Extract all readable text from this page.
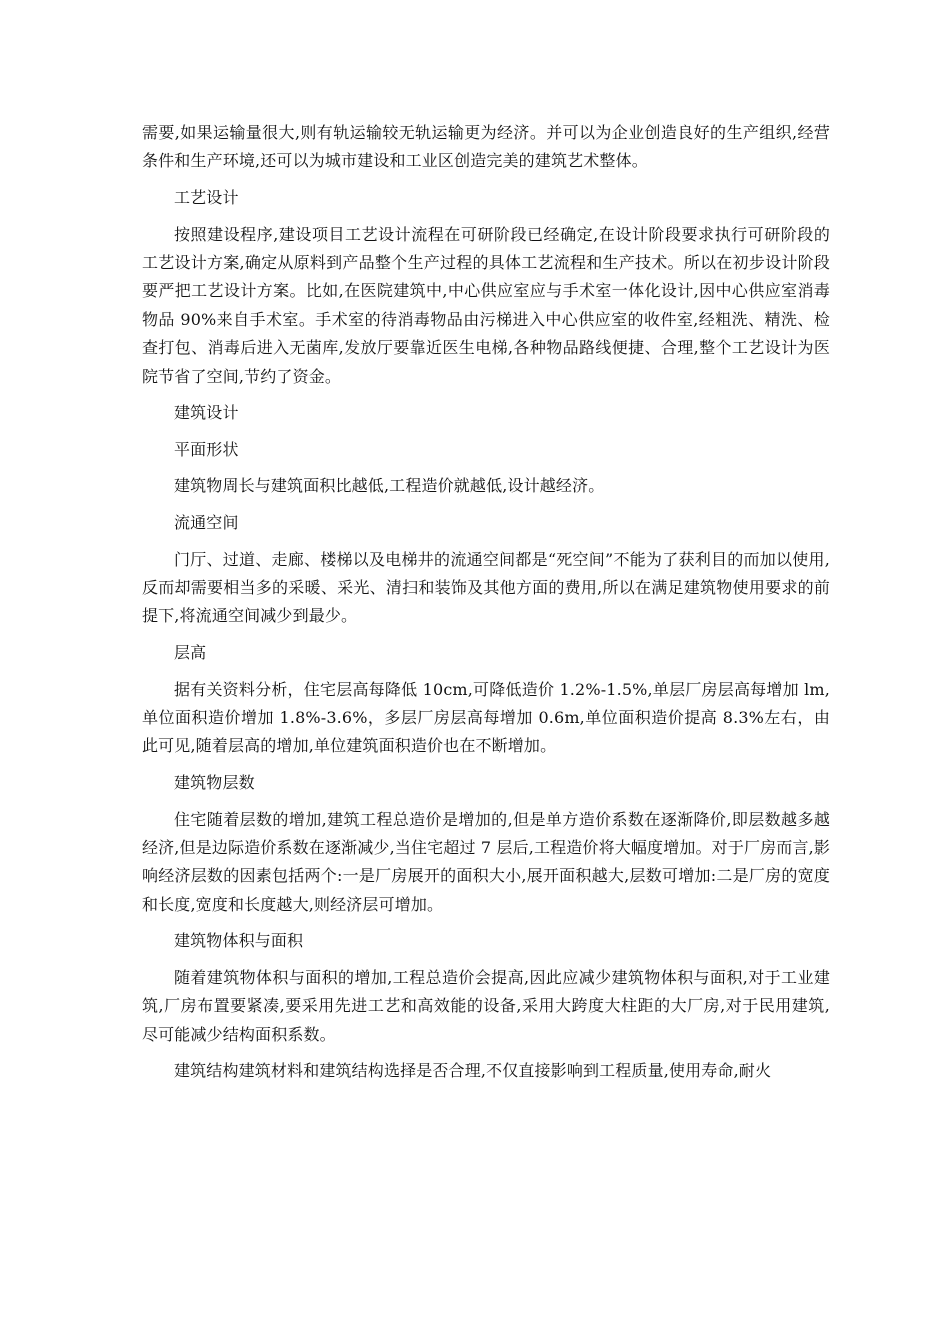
需要,如果运输量很大,则有轨运输较无轨运输更为经济。并可以为企业创造良好的生产组织,经营条件和生产环境,还可以为城市建设和工业区创造完美的建筑艺术整体。

工艺设计

按照建设程序,建设项目工艺设计流程在可研阶段已经确定,在设计阶段要求执行可研阶段的工艺设计方案,确定从原料到产品整个生产过程的具体工艺流程和生产技术。所以在初步设计阶段要严把工艺设计方案。比如,在医院建筑中,中心供应室应与手术室一体化设计,因中心供应室消毒物品 90%来自手术室。手术室的待消毒物品由污梯进入中心供应室的收件室,经粗洗、精洗、检查打包、消毒后进入无菌库,发放厅要靠近医生电梯,各种物品路线便捷、合理,整个工艺设计为医院节省了空间,节约了资金。

建筑设计

平面形状

建筑物周长与建筑面积比越低,工程造价就越低,设计越经济。

流通空间

门厅、过道、走廊、楼梯以及电梯井的流通空间都是“死空间”不能为了获利目的而加以使用,反而却需要相当多的采暖、采光、清扫和装饰及其他方面的费用,所以在满足建筑物使用要求的前提下,将流通空间减少到最少。

层高

据有关资料分析，住宅层高每降低 10cm,可降低造价 1.2%-1.5%,单层厂房层高每增加 lm,单位面积造价增加 1.8%-3.6%，多层厂房层高每增加 0.6m,单位面积造价提高 8.3%左右，由此可见,随着层高的增加,单位建筑面积造价也在不断增加。

建筑物层数

住宅随着层数的增加,建筑工程总造价是增加的,但是单方造价系数在逐渐降价,即层数越多越经济,但是边际造价系数在逐渐减少,当住宅超过 7 层后,工程造价将大幅度增加。对于厂房而言,影响经济层数的因素包括两个:一是厂房展开的面积大小,展开面积越大,层数可增加:二是厂房的宽度和长度,宽度和长度越大,则经济层可增加。

建筑物体积与面积

随着建筑物体积与面积的增加,工程总造价会提高,因此应减少建筑物体积与面积,对于工业建筑,厂房布置要紧凑,要采用先进工艺和高效能的设备,采用大跨度大柱距的大厂房,对于民用建筑,尽可能减少结构面积系数。

建筑结构建筑材料和建筑结构选择是否合理,不仅直接影响到工程质量,使用寿命,耐火
